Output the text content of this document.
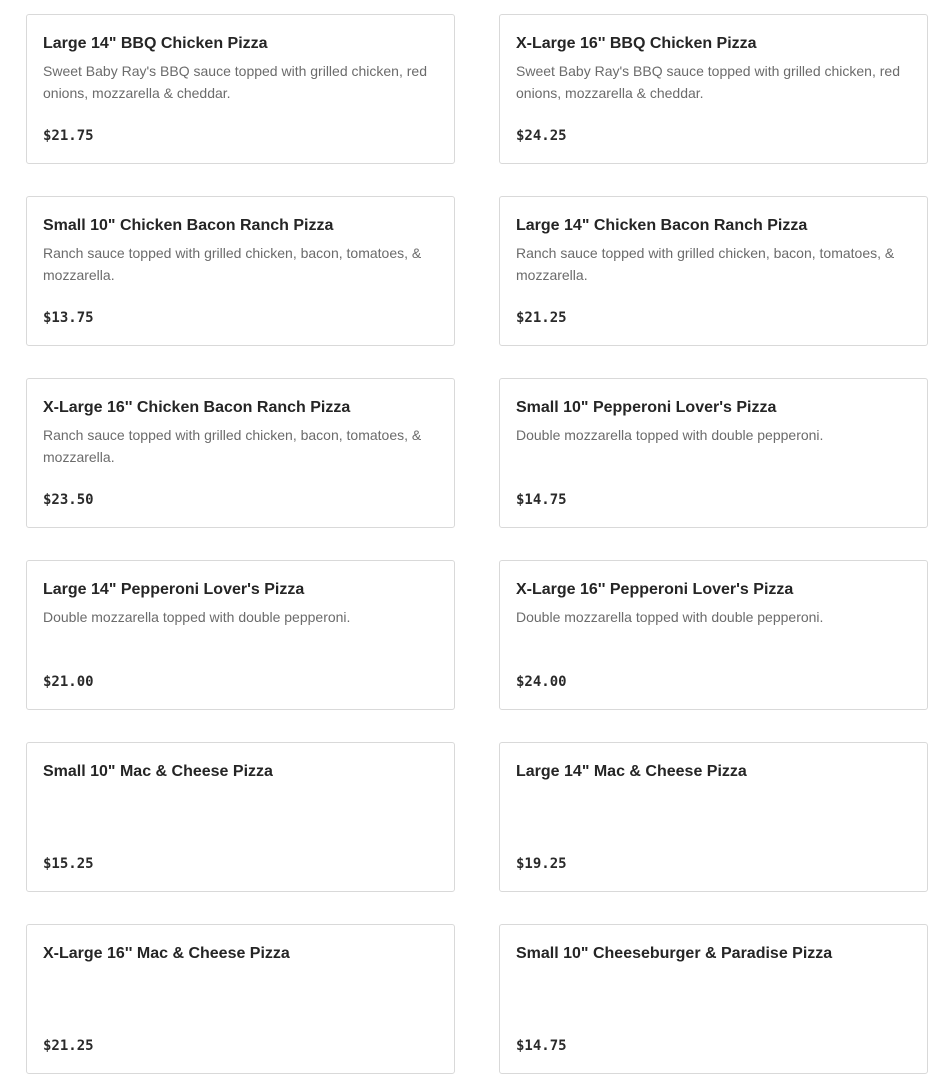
Large 14" BBQ Chicken Pizza
Sweet Baby Ray's BBQ sauce topped with grilled chicken, red onions, mozzarella & cheddar.
$21.75
X-Large 16'' BBQ Chicken Pizza
Sweet Baby Ray's BBQ sauce topped with grilled chicken, red onions, mozzarella & cheddar.
$24.25
Small 10" Chicken Bacon Ranch Pizza
Ranch sauce topped with grilled chicken, bacon, tomatoes, & mozzarella.
$13.75
Large 14" Chicken Bacon Ranch Pizza
Ranch sauce topped with grilled chicken, bacon, tomatoes, & mozzarella.
$21.25
X-Large 16'' Chicken Bacon Ranch Pizza
Ranch sauce topped with grilled chicken, bacon, tomatoes, & mozzarella.
$23.50
Small 10" Pepperoni Lover's Pizza
Double mozzarella topped with double pepperoni.
$14.75
Large 14" Pepperoni Lover's Pizza
Double mozzarella topped with double pepperoni.
$21.00
X-Large 16'' Pepperoni Lover's Pizza
Double mozzarella topped with double pepperoni.
$24.00
Small 10" Mac & Cheese Pizza
$15.25
Large 14" Mac & Cheese Pizza
$19.25
X-Large 16'' Mac & Cheese Pizza
$21.25
Small 10" Cheeseburger & Paradise Pizza
$14.75
